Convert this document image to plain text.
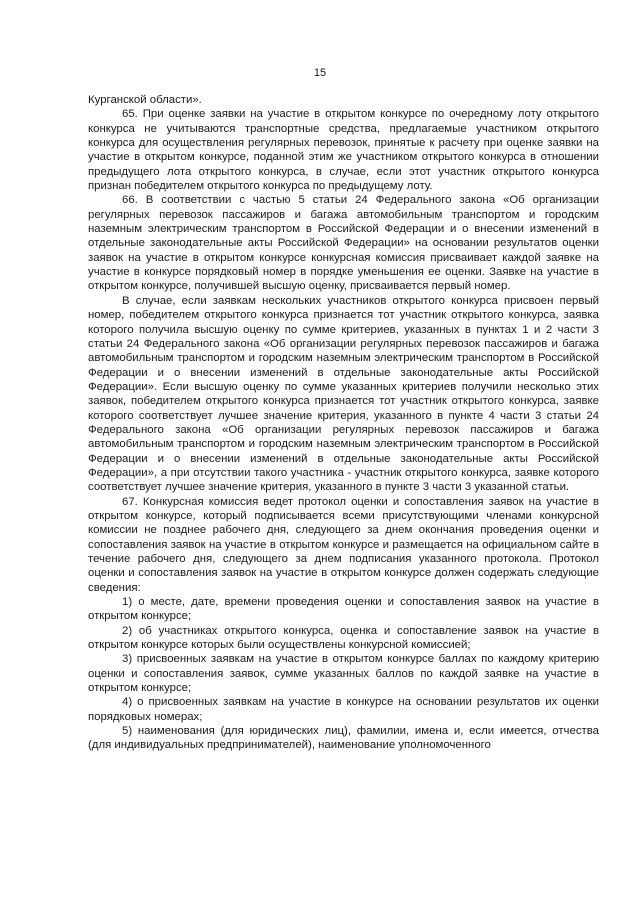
15

Курганской области».

65. При оценке заявки на участие в открытом конкурсе по очередному лоту открытого конкурса не учитываются транспортные средства, предлагаемые участником открытого конкурса для осуществления регулярных перевозок, принятые к расчету при оценке заявки на участие в открытом конкурсе, поданной этим же участником открытого конкурса в отношении предыдущего лота открытого конкурса, в случае, если этот участник открытого конкурса признан победителем открытого конкурса по предыдущему лоту.

66. В соответствии с частью 5 статьи 24 Федерального закона «Об организации регулярных перевозок пассажиров и багажа автомобильным транспортом и городским наземным электрическим транспортом в Российской Федерации и о внесении изменений в отдельные законодательные акты Российской Федерации» на основании результатов оценки заявок на участие в открытом конкурсе конкурсная комиссия присваивает каждой заявке на участие в конкурсе порядковый номер в порядке уменьшения ее оценки. Заявке на участие в открытом конкурсе, получившей высшую оценку, присваивается первый номер.

В случае, если заявкам нескольких участников открытого конкурса присвоен первый номер, победителем открытого конкурса признается тот участник открытого конкурса, заявка которого получила высшую оценку по сумме критериев, указанных в пунктах 1 и 2 части 3 статьи 24 Федерального закона «Об организации регулярных перевозок пассажиров и багажа автомобильным транспортом и городским наземным электрическим транспортом в Российской Федерации и о внесении изменений в отдельные законодательные акты Российской Федерации». Если высшую оценку по сумме указанных критериев получили несколько этих заявок, победителем открытого конкурса признается тот участник открытого конкурса, заявке которого соответствует лучшее значение критерия, указанного в пункте 4 части 3 статьи 24 Федерального закона «Об организации регулярных перевозок пассажиров и багажа автомобильным транспортом и городским наземным электрическим транспортом в Российской Федерации и о внесении изменений в отдельные законодательные акты Российской Федерации», а при отсутствии такого участника - участник открытого конкурса, заявке которого соответствует лучшее значение критерия, указанного в пункте 3 части 3 указанной статьи.

67. Конкурсная комиссия ведет протокол оценки и сопоставления заявок на участие в открытом конкурсе, который подписывается всеми присутствующими членами конкурсной комиссии не позднее рабочего дня, следующего за днем окончания проведения оценки и сопоставления заявок на участие в открытом конкурсе и размещается на официальном сайте в течение рабочего дня, следующего за днем подписания указанного протокола. Протокол оценки и сопоставления заявок на участие в открытом конкурсе должен содержать следующие сведения:

1) о месте, дате, времени проведения оценки и сопоставления заявок на участие в открытом конкурсе;

2) об участниках открытого конкурса, оценка и сопоставление заявок на участие в открытом конкурсе которых были осуществлены конкурсной комиссией;

3) присвоенных заявкам на участие в открытом конкурсе баллах по каждому критерию оценки и сопоставления заявок, сумме указанных баллов по каждой заявке на участие в открытом конкурсе;

4) о присвоенных заявкам на участие в конкурсе на основании результатов их оценки порядковых номерах;

5) наименования (для юридических лиц), фамилии, имена и, если имеется, отчества (для индивидуальных предпринимателей), наименование уполномоченного
